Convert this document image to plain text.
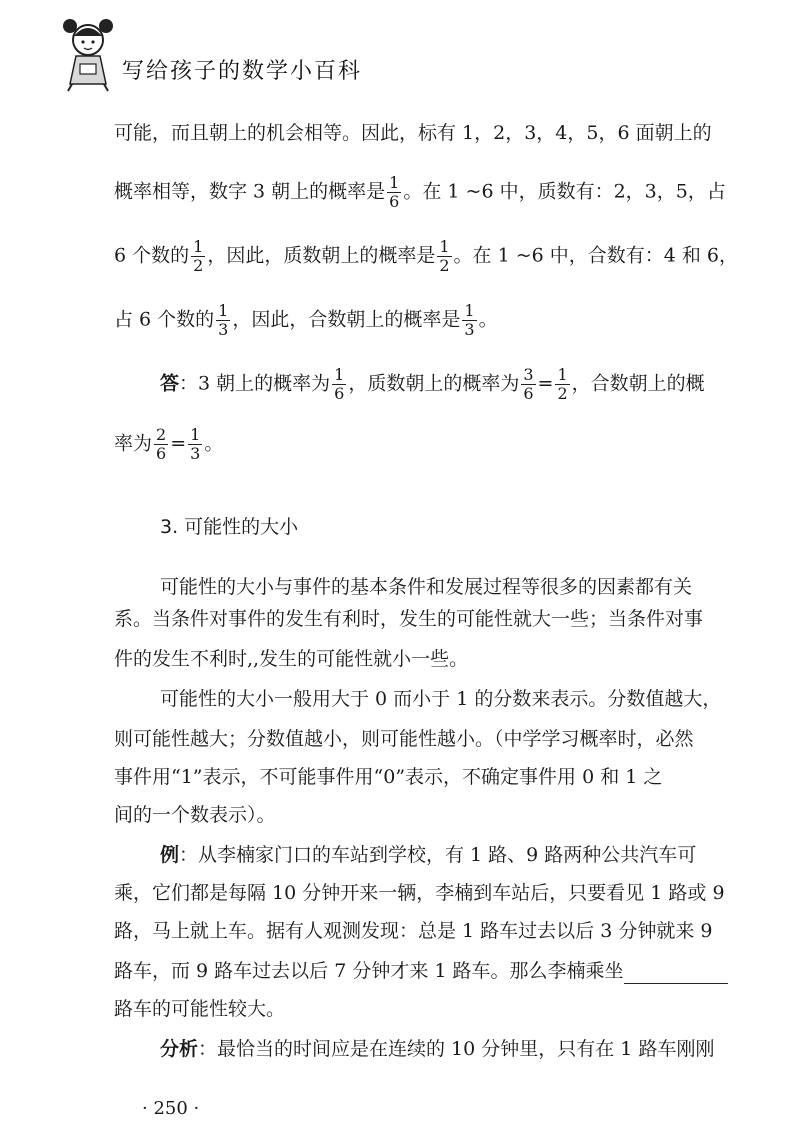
写给孩子的数学小百科
可能，而且朝上的机会相等。因此，标有 1，2，3，4，5，6 面朝上的
概率相等，数字 3 朝上的概率是 $\frac{1}{6}$ 。在 1 ~6 中，质数有：2，3，5，占
6 个数的 $\frac{1}{2}$ ，因此，质数朝上的概率是 $\frac{1}{2}$ 。在 1 ~6 中，合数有：4 和 6，
占 6 个数的 $\frac{1}{3}$ ，因此，合数朝上的概率是 $\frac{1}{3}$ 。
答：3 朝上的概率为 $\frac{1}{6}$ ，质数朝上的概率为 $\frac{3}{6} = \frac{1}{2}$ ，合数朝上的概
率为 $\frac{2}{6} = \frac{1}{3}$ 。
3. 可能性的大小
可能性的大小与事件的基本条件和发展过程等很多的因素都有关
系。当条件对事件的发生有利时，发生的可能性就大一些；当条件对事
件的发生不利时,,发生的可能性就小一些。
可能性的大小一般用大于 0 而小于 1 的分数来表示。分数值越大，
则可能性越大；分数值越小，则可能性越小。（中学学习概率时，必然
事件用“1”表示，不可能事件用“0”表示，不确定事件用 0 和 1 之
间的一个数表示）。
例：从李楠家门口的车站到学校，有 1 路、9 路两种公共汽车可
乘，它们都是每隔 10 分钟开来一辆，李楠到车站后，只要看见 1 路或 9
路，马上就上车。据有人观测发现：总是 1 路车过去以后 3 分钟就来 9
路车，而 9 路车过去以后 7 分钟才来 1 路车。那么李楠乘坐
路车的可能性较大。
分析：最恰当的时间应是在连续的 10 分钟里，只有在 1 路车刚刚
· 250 ·
